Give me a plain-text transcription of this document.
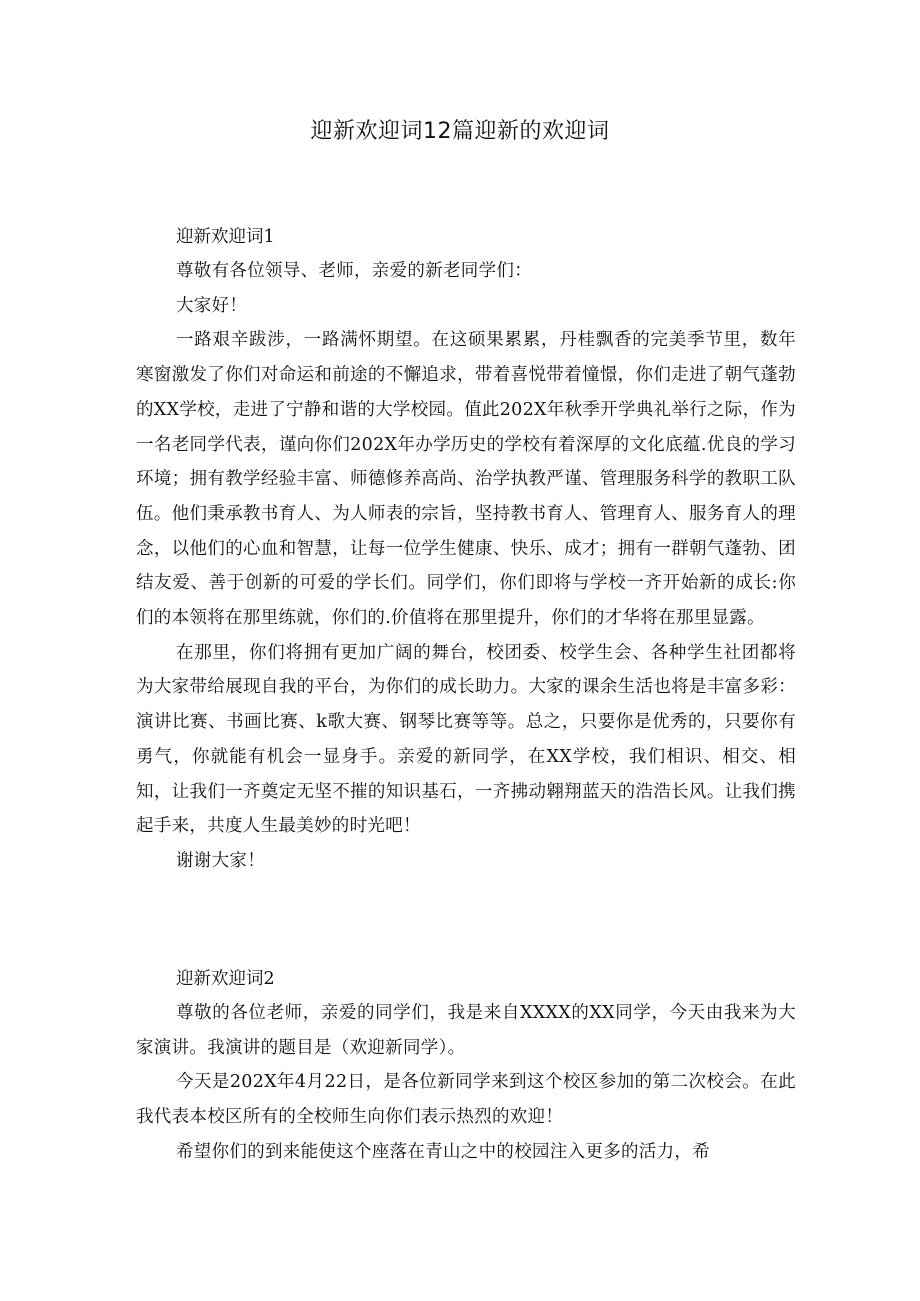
迎新欢迎词12篇迎新的欢迎词
迎新欢迎词1

尊敬有各位领导、老师，亲爱的新老同学们：

大家好！

一路艰辛跋涉，一路满怀期望。在这硕果累累，丹桂飘香的完美季节里，数年寒窗激发了你们对命运和前途的不懈追求，带着喜悦带着憧憬，你们走进了朝气蓬勃的XX学校，走进了宁静和谐的大学校园。值此202X年秋季开学典礼举行之际，作为一名老同学代表，谨向你们202X年办学历史的学校有着深厚的文化底蕴.优良的学习环境；拥有教学经验丰富、师德修养高尚、治学执教严谨、管理服务科学的教职工队伍。他们秉承教书育人、为人师表的宗旨，坚持教书育人、管理育人、服务育人的理念，以他们的心血和智慧，让每一位学生健康、快乐、成才；拥有一群朝气蓬勃、团结友爱、善于创新的可爱的学长们。同学们，你们即将与学校一齐开始新的成长:你们的本领将在那里练就，你们的.价值将在那里提升，你们的才华将在那里显露。

在那里，你们将拥有更加广阔的舞台，校团委、校学生会、各种学生社团都将为大家带给展现自我的平台，为你们的成长助力。大家的课余生活也将是丰富多彩：演讲比赛、书画比赛、k歌大赛、钢琴比赛等等。总之，只要你是优秀的，只要你有勇气，你就能有机会一显身手。亲爱的新同学，在XX学校，我们相识、相交、相知，让我们一齐奠定无坚不摧的知识基石，一齐拂动翱翔蓝天的浩浩长风。让我们携起手来，共度人生最美妙的时光吧！

谢谢大家！

迎新欢迎词2

尊敬的各位老师，亲爱的同学们，我是来自XXXX的XX同学，今天由我来为大家演讲。我演讲的题目是（欢迎新同学）。

今天是202X年4月22日，是各位新同学来到这个校区参加的第二次校会。在此我代表本校区所有的全校师生向你们表示热烈的欢迎！

希望你们的到来能使这个座落在青山之中的校园注入更多的活力，希
